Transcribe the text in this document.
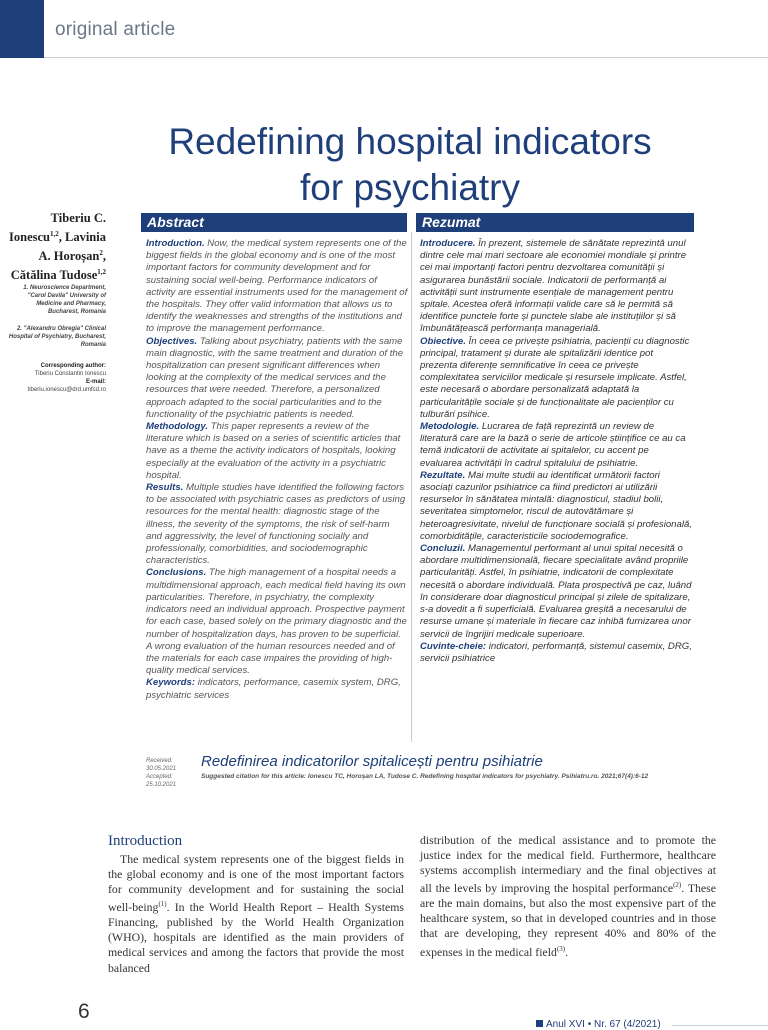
original article
Redefining hospital indicators
for psychiatry
Tiberiu C.
Ionescu$^{1,2}$, Lavinia
A. Horoșan$^2$,
Cătălina Tudose$^{1,2}$
1. Neuroscience Department, "Carol Davila" University of Medicine and Pharmacy, Bucharest, Romania
2. "Alexandru Obregia" Clinical Hospital of Psychiatry, Bucharest, Romania
Corresponding author:
Tiberiu Constantin Ionescu
E-mail: tiberiu.ionescu@drd.umfcd.ro
Abstract	Rezumat

Introduction. Now, the medical system represents one of the biggest fields in the global economy and is one of the most important factors for community development and for sustaining social well-being. Performance indicators of activity are essential instruments used for the management of the hospitals. They offer valid information that allows us to identify the weaknesses and strengths of the institutions and to improve the management performance.

Objectives. Talking about psychiatry, patients with the same main diagnostic, with the same treatment and duration of the hospitalization can present significant differences when looking at the complexity of the medical services and the resources that were needed. Therefore, a personalized approach adapted to the social particularities and to the functionality of the psychiatric patients is needed.

Methodology. This paper represents a review of the literature which is based on a series of scientific articles that have as a theme the activity indicators of hospitals, looking especially at the evaluation of the activity in a psychiatric hospital.

Results. Multiple studies have identified the following factors to be associated with psychiatric cases as predictors of using resources for the mental health: diagnostic stage of the illness, the severity of the symptoms, the risk of self-harm and aggressivity, the level of functioning socially and professionally, comorbidities, and sociodemographic characteristics.

Conclusions. The high management of a hospital needs a multidimensional approach, each medical field having its own particularities. Therefore, in psychiatry, the complexity indicators need an individual approach. Prospective payment for each case, based solely on the primary diagnostic and the number of hospitalization days, has proven to be superficial. A wrong evaluation of the human resources needed and of the materials for each case impaires the providing of high-quality medical services.

Keywords: indicators, performance, casemix system, DRG, psychiatric services

Introducere. În prezent, sistemele de sănătate reprezintă unul dintre cele mai mari sectoare ale economiei mondiale și printre cei mai importanți factori pentru dezvoltarea comunității și asigurarea bunăstării sociale. Indicatorii de performanță ai activității sunt instrumente esențiale de management pentru spitale. Acestea oferă informații valide care să le permită să identifice punctele forte și punctele slabe ale instituțiilor și să îmbunătățească performanța managerială.

Obiective. În ceea ce privește psihiatria, pacienții cu diagnostic principal, tratament și durate ale spitalizării identice pot prezenta diferențe semnificative în ceea ce privește complexitatea serviciilor medicale și resursele implicate. Astfel, este necesară o abordare personalizată adaptată la particularitățile sociale și de funcționalitate ale pacienților cu tulburări psihice.

Metodologie. Lucrarea de față reprezintă un review de literatură care are la bază o serie de articole științifice ce au ca temă indicatorii de activitate ai spitalelor, cu accent pe evaluarea activității în cadrul spitalului de psihiatrie.

Rezultate. Mai multe studii au identificat următorii factori asociați cazurilor psihiatrice ca fiind predictori ai utilizării resurselor în sănătatea mintală: diagnosticul, stadiul bolii, severitatea simptomelor, riscul de autovătămare și heteroagresivitate, nivelul de funcționare socială și profesională, comorbiditățile, caracteristicile sociodemografice.

Concluzii. Managementul performant al unui spital necesită o abordare multidimensională, fiecare specialitate având propriile particularități. Astfel, în psihiatrie, indicatorii de complexitate necesită o abordare individuală. Plata prospectivă pe caz, luând în considerare doar diagnosticul principal și zilele de spitalizare, s-a dovedit a fi superficială. Evaluarea greșită a necesarului de resurse umane și materiale în fiecare caz inhibă furnizarea unor servicii de îngrijiri medicale superioare.

Cuvinte-cheie: indicatori, performanță, sistemul casemix, DRG, servicii psihiatrice

Received:
30.05.2021
Accepted:
25.10.2021
Redefinirea indicatorilor spitalicești pentru psihiatrie
Suggested citation for this article: Ionescu TC, Horoșan LA, Tudose C. Redefining hospital indicators for psychiatry. Psihiatru.ro. 2021;67(4):6-12
Introduction

The medical system represents one of the biggest fields in the global economy and is one of the most important factors for community development and for sustaining the social well-being$^{(1)}$. In the World Health Report – Health Systems Financing, published by the World Health Organization (WHO), hospitals are identified as the main providers of medical services and among the factors that provide the most balanced

distribution of the medical assistance and to promote the justice index for the medical field. Furthermore, healthcare systems accomplish intermediary and the final objectives at all the levels by improving the hospital performance$^{(2)}$. These are the main domains, but also the most expensive part of the healthcare system, so that in developed countries and in those that are developing, they represent 40% and 80% of the expenses in the medical field$^{(3)}$.

6
Anul XVI • Nr. 67 (4/2021)
